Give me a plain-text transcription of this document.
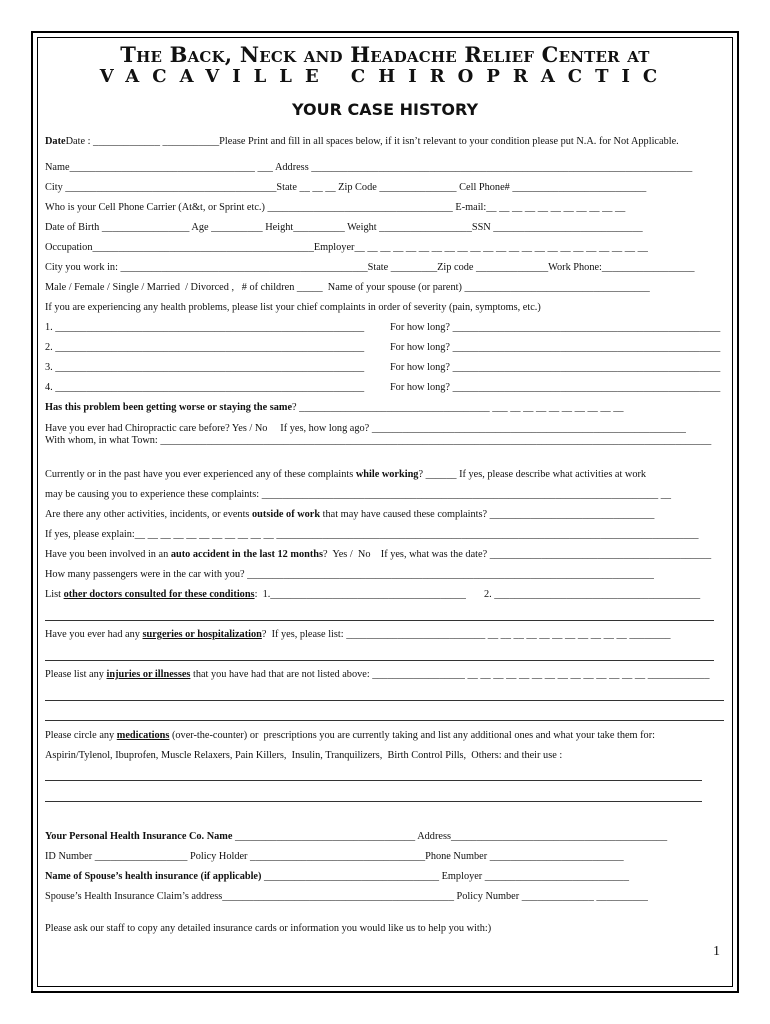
The Back, Neck and Headache Relief Center at
VACAVILLE CHIROPRACTIC
YOUR CASE HISTORY
DateDate : _____________ ___________Please Print and fill in all spaces below, if it isn’t relevant to your condition please put N.A. for Not Applicable.
Name____________________________________ ___ Address __________________________________________________________________________
City _________________________________________State __ __ __ Zip Code _______________ Cell Phone# __________________________
Who is your Cell Phone Carrier (At&t, or Sprint etc.) ____________________________________ E-mail:__ __ __ __ __ __ __ __ __ __ __
Date of Birth _________________ Age __________ Height__________ Weight __________________SSN _____________________________
Occupation___________________________________________Employer__ __ __ __ __ __ __ __ __ __ __ __ __ __ __ __ __ __ __ __ __ __ __
City you work in: ________________________________________________State _________Zip code ______________Work Phone:__________________
Male / Female / Single / Married  / Divorced ,   # of children _____  Name of your spouse (or parent) ____________________________________
If you are experiencing any health problems, please list your chief complaints in order of severity (pain, symptoms, etc.)
1. ____________________________________________________________          For how long? ____________________________________________________
2. ____________________________________________________________          For how long? ____________________________________________________
3. ____________________________________________________________          For how long? ____________________________________________________
4. ____________________________________________________________          For how long? ____________________________________________________
Has this problem been getting worse or staying the same? _____________________________________ ___ __ __ __ __ __ __ __ __ __
Have you ever had Chiropractic care before? Yes / No     If yes, how long ago? _____________________________________________________________
With whom, in what Town: ___________________________________________________________________________________________________________
Currently or in the past have you ever experienced any of these complaints while working? ______ If yes, please describe what activities at work
may be causing you to experience these complaints: _____________________________________________________________________________ __
Are there any other activities, incidents, or events outside of work that may have caused these complaints? ________________________________
If yes, please explain:__ __ __ __ __ __ __ __ __ __ __ __________________________________________________________________________________
Have you been involved in an auto accident in the last 12 months?  Yes /  No    If yes, what was the date? ___________________________________________
How many passengers were in the car with you? _______________________________________________________________________________
List other doctors consulted for these conditions:  1.______________________________________       2. ________________________________________
Have you ever had any surgeries or hospitalization?  If yes, please list: ___________________________ __ __ __ __ __ __ __ __ __ __ __ ________
Please list any injuries or illnesses that you have had that are not listed above: __________________ __ __ __ __ __ __ __ __ __ __ __ __ __ __ ____________
Please circle any medications (over-the-counter) or  prescriptions you are currently taking and list any additional ones and what your take them for:
Aspirin/Tylenol, Ibuprofen, Muscle Relaxers, Pain Killers,  Insulin, Tranquilizers,  Birth Control Pills,  Others: and their use :
Your Personal Health Insurance Co. Name ___________________________________ Address__________________________________________
ID Number __________________ Policy Holder __________________________________Phone Number __________________________
Name of Spouse’s health insurance (if applicable) __________________________________ Employer ____________________________
Spouse’s Health Insurance Claim’s address_____________________________________________ Policy Number ______________ __________
Please ask our staff to copy any detailed insurance cards or information you would like us to help you with:)
1
